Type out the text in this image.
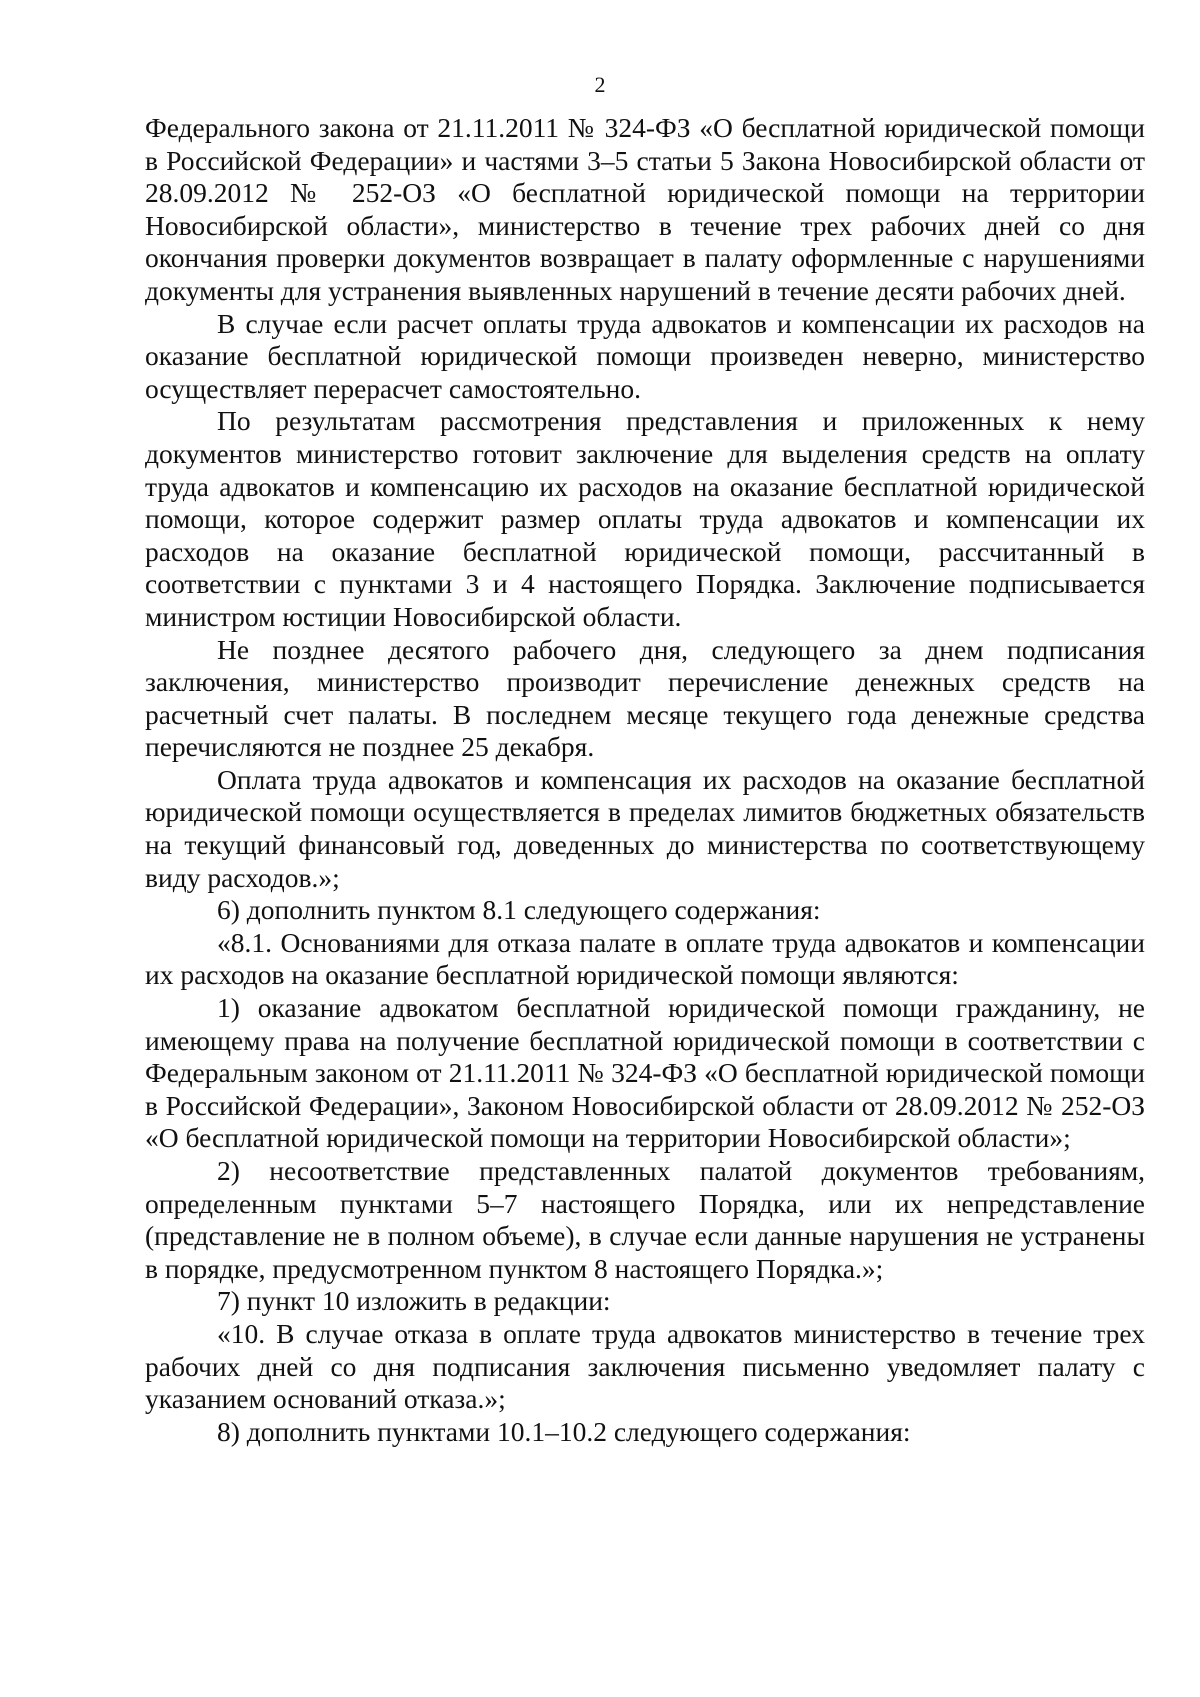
2

Федерального закона от 21.11.2011 № 324-ФЗ «О бесплатной юридической помощи в Российской Федерации» и частями 3–5 статьи 5 Закона Новосибирской области от 28.09.2012 № 252-ОЗ «О бесплатной юридической помощи на территории Новосибирской области», министерство в течение трех рабочих дней со дня окончания проверки документов возвращает в палату оформленные с нарушениями документы для устранения выявленных нарушений в течение десяти рабочих дней.

В случае если расчет оплаты труда адвокатов и компенсации их расходов на оказание бесплатной юридической помощи произведен неверно, министерство осуществляет перерасчет самостоятельно.

По результатам рассмотрения представления и приложенных к нему документов министерство готовит заключение для выделения средств на оплату труда адвокатов и компенсацию их расходов на оказание бесплатной юридической помощи, которое содержит размер оплаты труда адвокатов и компенсации их расходов на оказание бесплатной юридической помощи, рассчитанный в соответствии с пунктами 3 и 4 настоящего Порядка. Заключение подписывается министром юстиции Новосибирской области.

Не позднее десятого рабочего дня, следующего за днем подписания заключения, министерство производит перечисление денежных средств на расчетный счет палаты. В последнем месяце текущего года денежные средства перечисляются не позднее 25 декабря.

Оплата труда адвокатов и компенсация их расходов на оказание бесплатной юридической помощи осуществляется в пределах лимитов бюджетных обязательств на текущий финансовый год, доведенных до министерства по соответствующему виду расходов.»;

6) дополнить пунктом 8.1 следующего содержания:

«8.1. Основаниями для отказа палате в оплате труда адвокатов и компенсации их расходов на оказание бесплатной юридической помощи являются:

1) оказание адвокатом бесплатной юридической помощи гражданину, не имеющему права на получение бесплатной юридической помощи в соответствии с Федеральным законом от 21.11.2011 № 324-ФЗ «О бесплатной юридической помощи в Российской Федерации», Законом Новосибирской области от 28.09.2012 № 252-ОЗ «О бесплатной юридической помощи на территории Новосибирской области»;

2) несоответствие представленных палатой документов требованиям, определенным пунктами 5–7 настоящего Порядка, или их непредставление (представление не в полном объеме), в случае если данные нарушения не устранены в порядке, предусмотренном пунктом 8 настоящего Порядка.»;

7) пункт 10 изложить в редакции:

«10. В случае отказа в оплате труда адвокатов министерство в течение трех рабочих дней со дня подписания заключения письменно уведомляет палату с указанием оснований отказа.»;

8) дополнить пунктами 10.1–10.2 следующего содержания:
